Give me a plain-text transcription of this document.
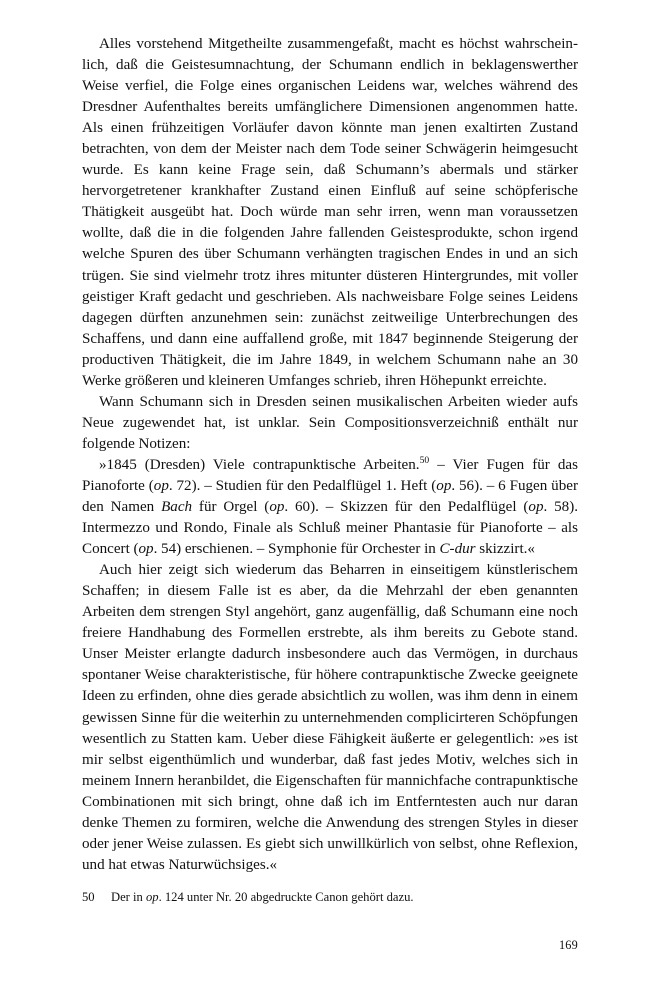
Alles vorstehend Mitgetheilte zusammengefaßt, macht es höchst wahrscheinlich, daß die Geistesumnachtung, der Schumann endlich in beklagenswerther Weise verfiel, die Folge eines organischen Leidens war, welches während des Dresdner Aufenthaltes bereits umfänglichere Dimensionen angenommen hatte. Als einen frühzeitigen Vorläufer davon könnte man jenen exaltirten Zustand betrachten, von dem der Meister nach dem Tode seiner Schwägerin heimgesucht wurde. Es kann keine Frage sein, daß Schumann’s abermals und stärker hervorgetretener krankhafter Zustand einen Einfluß auf seine schöpferische Thätigkeit ausgeübt hat. Doch würde man sehr irren, wenn man voraussetzen wollte, daß die in die folgenden Jahre fallenden Geistesprodukte, schon irgend welche Spuren des über Schumann verhängten tragischen Endes in und an sich trügen. Sie sind vielmehr trotz ihres mitunter düsteren Hintergrundes, mit voller geistiger Kraft gedacht und geschrieben. Als nachweisbare Folge seines Leidens dagegen dürften anzunehmen sein: zunächst zeitweilige Unterbrechungen des Schaffens, und dann eine auffallend große, mit 1847 beginnende Steigerung der productiven Thätigkeit, die im Jahre 1849, in welchem Schumann nahe an 30 Werke größeren und kleineren Umfanges schrieb, ihren Höhepunkt erreichte.

Wann Schumann sich in Dresden seinen musikalischen Arbeiten wieder aufs Neue zugewendet hat, ist unklar. Sein Compositionsverzeichniß enthält nur folgende Notizen:

»1845 (Dresden) Viele contrapunktische Arbeiten.$^{50}$ – Vier Fugen für das Pianoforte (op. 72). – Studien für den Pedalflügel 1. Heft (op. 56). – 6 Fugen über den Namen Bach für Orgel (op. 60). – Skizzen für den Pedalflügel (op. 58). Intermezzo und Rondo, Finale als Schluß meiner Phantasie für Pianoforte – als Concert (op. 54) erschienen. – Symphonie für Orchester in C-dur skizzirt.«

Auch hier zeigt sich wiederum das Beharren in einseitigem künstlerischem Schaffen; in diesem Falle ist es aber, da die Mehrzahl der eben genannten Arbeiten dem strengen Styl angehört, ganz augenfällig, daß Schumann eine noch freiere Handhabung des Formellen erstrebte, als ihm bereits zu Gebote stand. Unser Meister erlangte dadurch insbesondere auch das Vermögen, in durchaus spontaner Weise charakteristische, für höhere contrapunktische Zwecke geeignete Ideen zu erfinden, ohne dies gerade absichtlich zu wollen, was ihm denn in einem gewissen Sinne für die weiterhin zu unternehmenden complicirteren Schöpfungen wesentlich zu Statten kam. Ueber diese Fähigkeit äußerte er gelegentlich: »es ist mir selbst eigenthümlich und wunderbar, daß fast jedes Motiv, welches sich in meinem Innern heranbildet, die Eigenschaften für mannichfache contrapunktische Combinationen mit sich bringt, ohne daß ich im Entferntesten auch nur daran denke Themen zu formiren, welche die Anwendung des strengen Styles in dieser oder jener Weise zulassen. Es giebt sich unwillkürlich von selbst, ohne Reflexion, und hat etwas Naturwüchsiges.«

50	Der in op. 124 unter Nr. 20 abgedruckte Canon gehört dazu.
169
